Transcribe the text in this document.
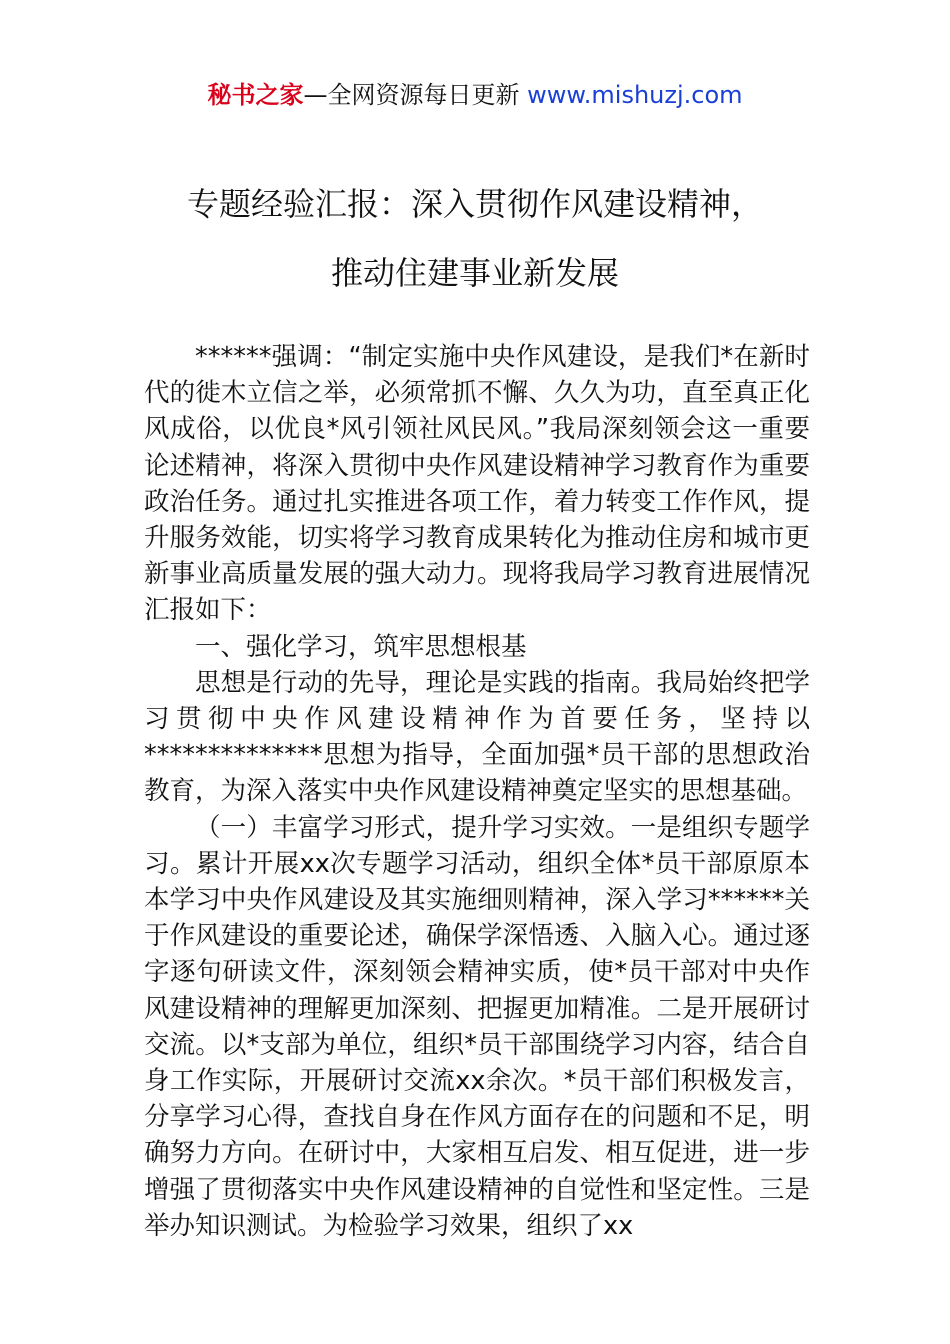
秘书之家—全网资源每日更新 www.mishuzj.com
专题经验汇报：深入贯彻作风建设精神，
推动住建事业新发展

******强调：“制定实施中央作风建设，是我们*在新时代的徙木立信之举，必须常抓不懈、久久为功，直至真正化风成俗，以优良*风引领社风民风。”我局深刻领会这一重要论述精神，将深入贯彻中央作风建设精神学习教育作为重要政治任务。通过扎实推进各项工作，着力转变工作作风，提升服务效能，切实将学习教育成果转化为推动住房和城市更新事业高质量发展的强大动力。现将我局学习教育进展情况汇报如下：

一、强化学习，筑牢思想根基

思想是行动的先导，理论是实践的指南。我局始终把学习贯彻中央作风建设精神作为首要任务，坚持以**************思想为指导，全面加强*员干部的思想政治教育，为深入落实中央作风建设精神奠定坚实的思想基础。

（一）丰富学习形式，提升学习实效。一是组织专题学习。累计开展xx次专题学习活动，组织全体*员干部原原本本学习中央作风建设及其实施细则精神，深入学习******关于作风建设的重要论述，确保学深悟透、入脑入心。通过逐字逐句研读文件，深刻领会精神实质，使*员干部对中央作风建设精神的理解更加深刻、把握更加精准。二是开展研讨交流。以*支部为单位，组织*员干部围绕学习内容，结合自身工作实际，开展研讨交流xx余次。*员干部们积极发言，分享学习心得，查找自身在作风方面存在的问题和不足，明确努力方向。在研讨中，大家相互启发、相互促进，进一步增强了贯彻落实中央作风建设精神的自觉性和坚定性。三是举办知识测试。为检验学习效果，组织了xx
